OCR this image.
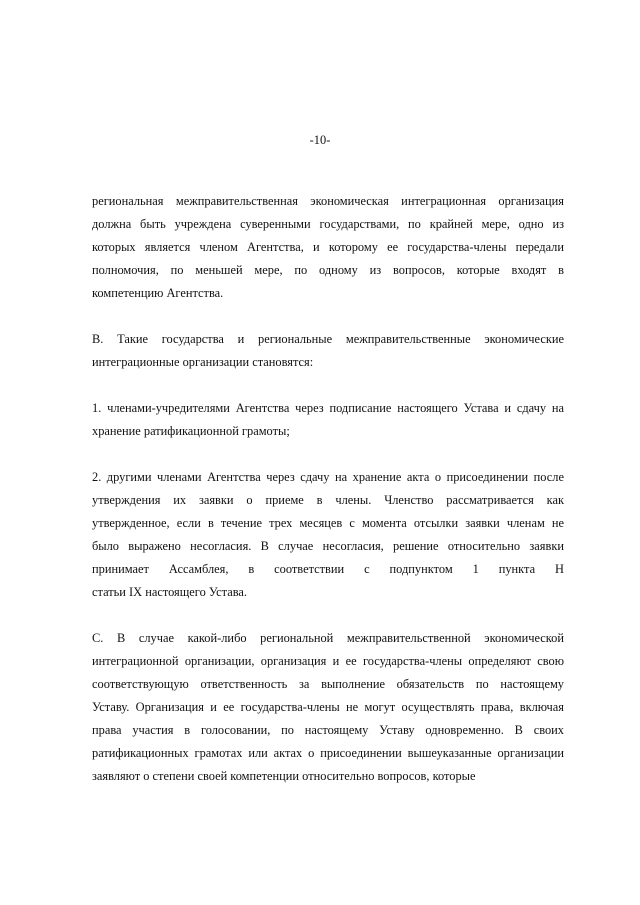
-10-

региональная межправительственная экономическая интеграционная организация
должна быть учреждена суверенными государствами, по крайней мере, одно из
которых является членом Агентства, и которому ее государства-члены передали
полномочия, по меньшей мере, по одному из вопросов, которые входят в
компетенцию Агентства.

В. Такие государства и региональные межправительственные экономические
интеграционные организации становятся:

1. членами-учредителями Агентства через подписание настоящего Устава и сдачу на
хранение ратификационной грамоты;

2. другими членами Агентства через сдачу на хранение акта о присоединении после
утверждения их заявки о приеме в члены. Членство рассматривается как
утвержденное, если в течение трех месяцев с момента отсылки заявки членам не
было выражено несогласия. В случае несогласия, решение относительно заявки
принимает Ассамблея, в соответствии с подпунктом 1 пункта Н
статьи IX настоящего Устава.

С. В случае какой-либо региональной межправительственной экономической
интеграционной организации, организация и ее государства-члены определяют свою
соответствующую ответственность за выполнение обязательств по настоящему
Уставу. Организация и ее государства-члены не могут осуществлять права, включая
права участия в голосовании, по настоящему Уставу одновременно. В своих
ратификационных грамотах или актах о присоединении вышеуказанные организации
заявляют о степени своей компетенции относительно вопросов, которые
